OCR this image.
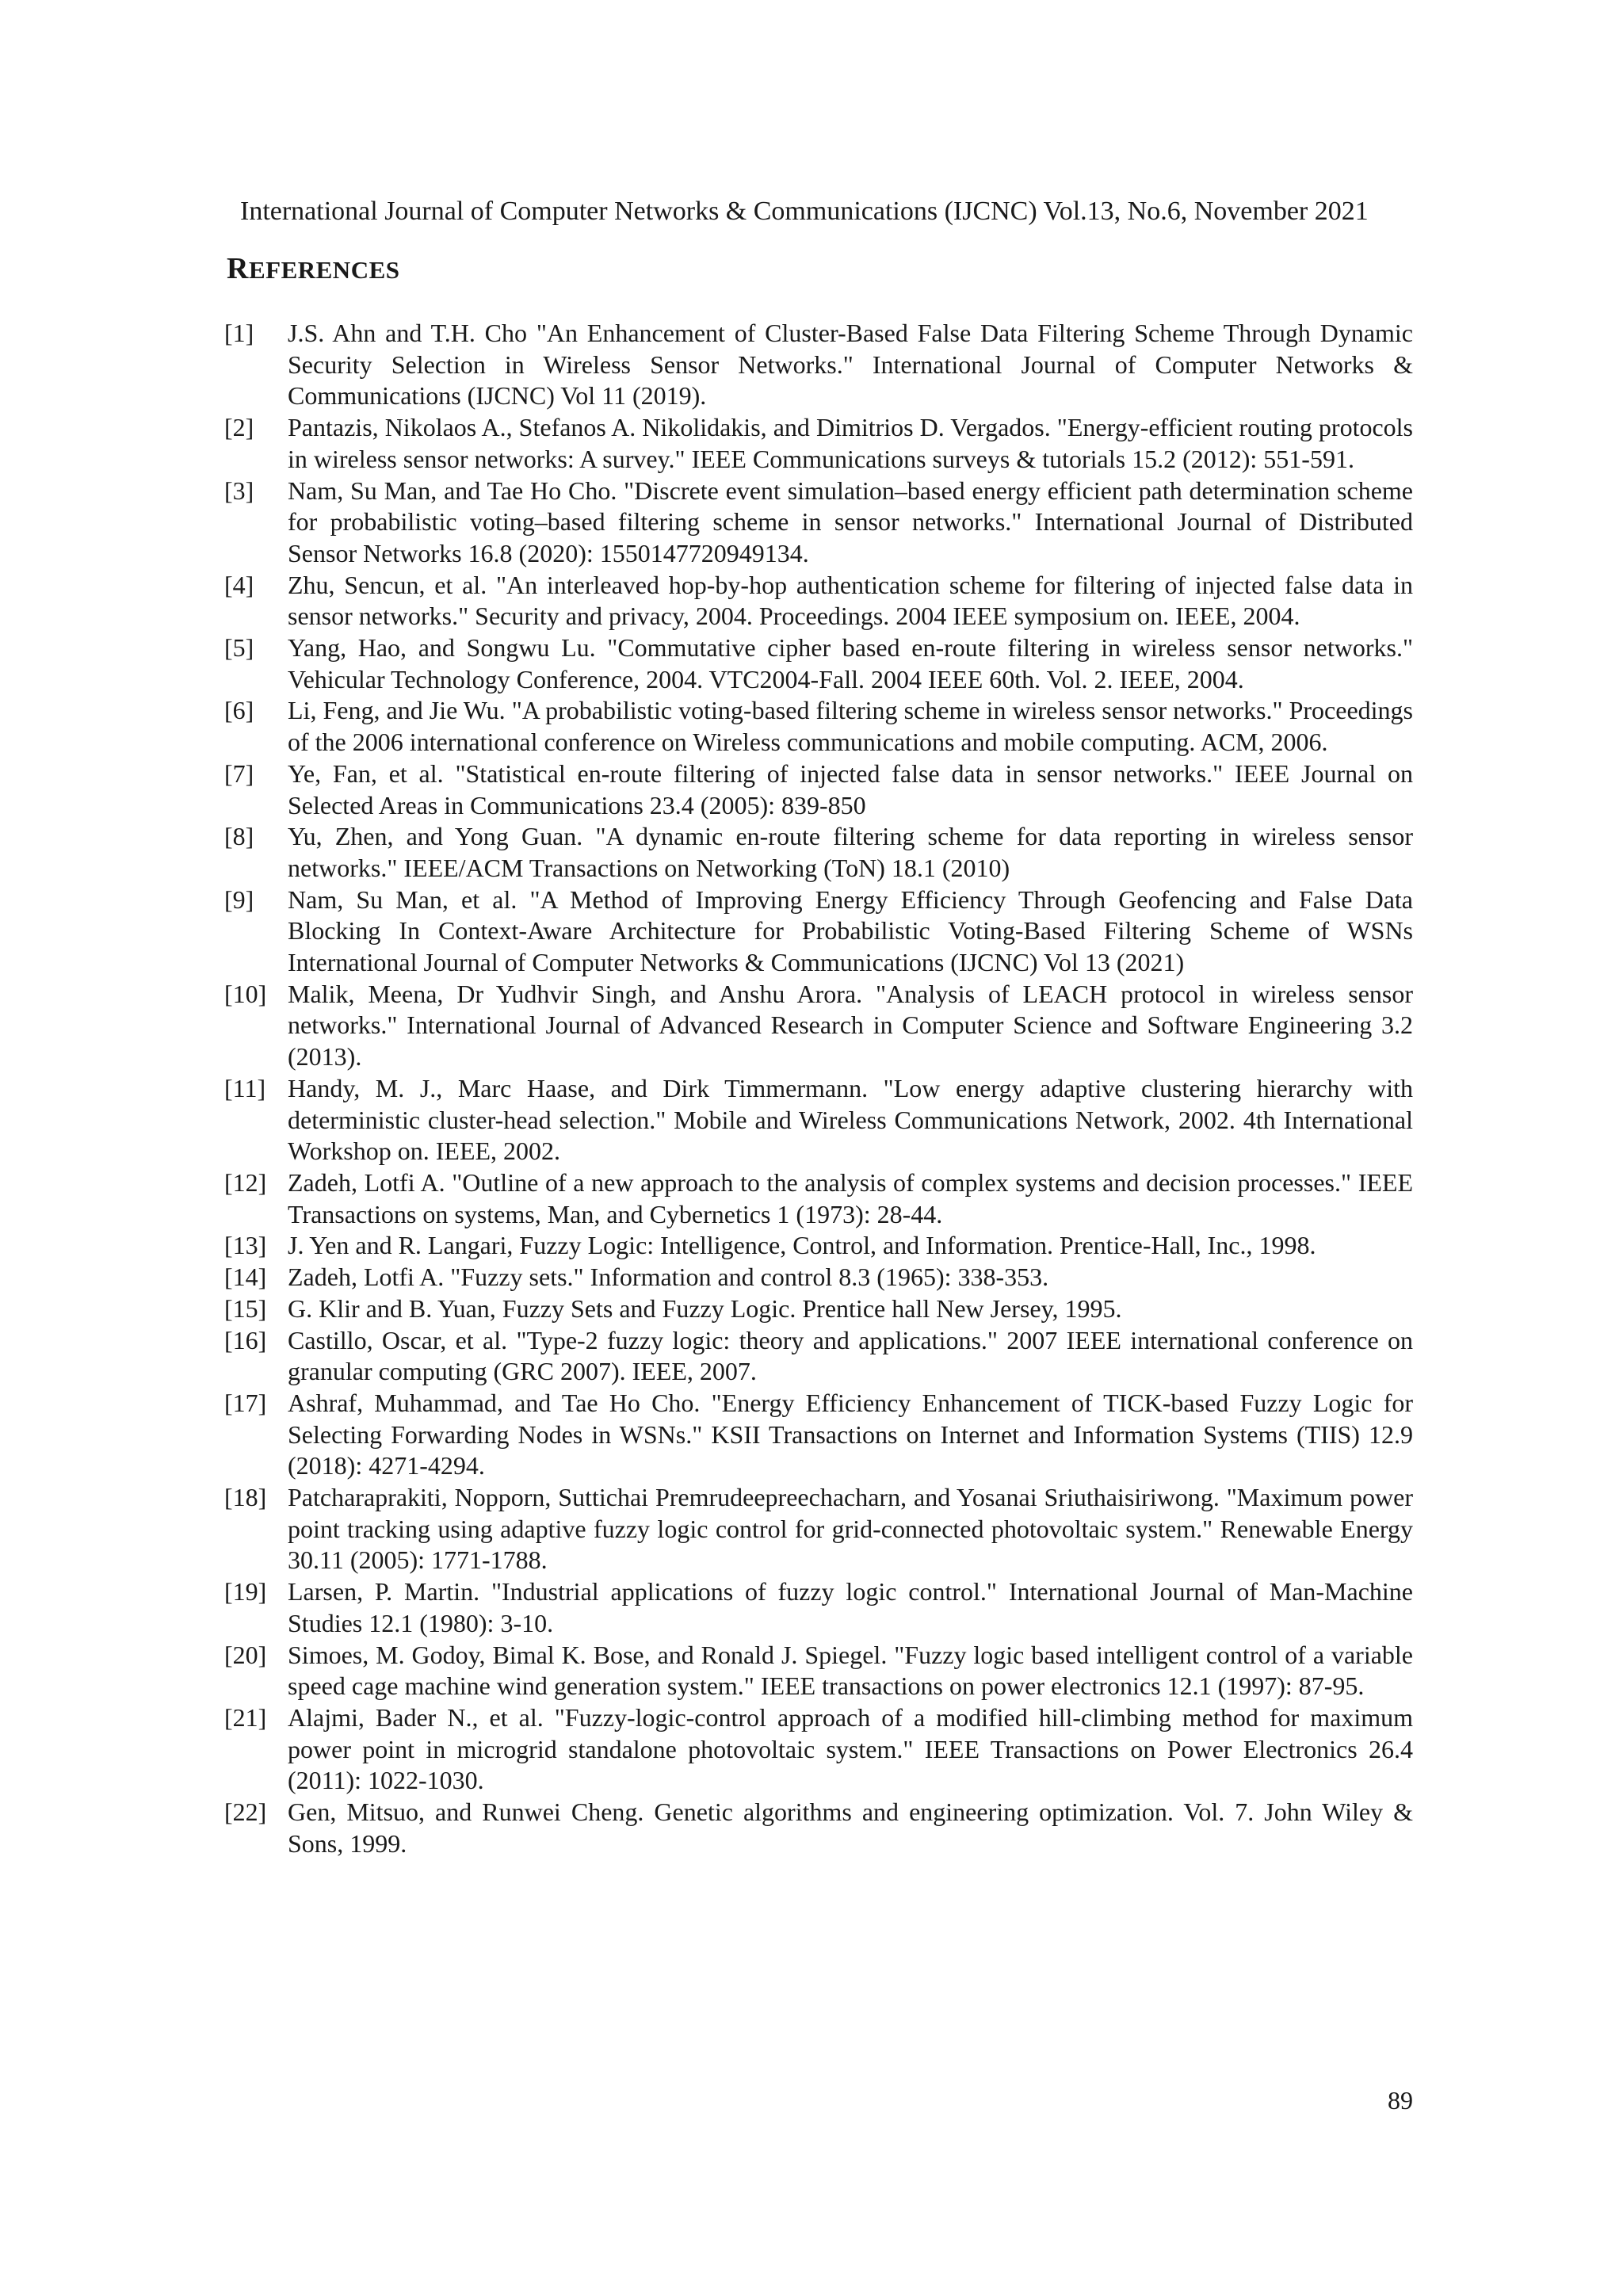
International Journal of Computer Networks & Communications (IJCNC) Vol.13, No.6, November 2021
REFERENCES
[1]	J.S. Ahn and T.H. Cho "An Enhancement of Cluster-Based False Data Filtering Scheme Through Dynamic Security Selection in Wireless Sensor Networks." International Journal of Computer Networks & Communications (IJCNC) Vol 11 (2019).
[2]	Pantazis, Nikolaos A., Stefanos A. Nikolidakis, and Dimitrios D. Vergados. "Energy-efficient routing protocols in wireless sensor networks: A survey." IEEE Communications surveys & tutorials 15.2 (2012): 551-591.
[3]	Nam, Su Man, and Tae Ho Cho. "Discrete event simulation–based energy efficient path determination scheme for probabilistic voting–based filtering scheme in sensor networks." International Journal of Distributed Sensor Networks 16.8 (2020): 1550147720949134.
[4]	Zhu, Sencun, et al. "An interleaved hop-by-hop authentication scheme for filtering of injected false data in sensor networks." Security and privacy, 2004. Proceedings. 2004 IEEE symposium on. IEEE, 2004.
[5]	Yang, Hao, and Songwu Lu. "Commutative cipher based en-route filtering in wireless sensor networks." Vehicular Technology Conference, 2004. VTC2004-Fall. 2004 IEEE 60th. Vol. 2. IEEE, 2004.
[6]	Li, Feng, and Jie Wu. "A probabilistic voting-based filtering scheme in wireless sensor networks." Proceedings of the 2006 international conference on Wireless communications and mobile computing. ACM, 2006.
[7]	Ye, Fan, et al. "Statistical en-route filtering of injected false data in sensor networks." IEEE Journal on Selected Areas in Communications 23.4 (2005): 839-850
[8]	Yu, Zhen, and Yong Guan. "A dynamic en-route filtering scheme for data reporting in wireless sensor networks." IEEE/ACM Transactions on Networking (ToN) 18.1 (2010)
[9]	Nam, Su Man, et al. "A Method of Improving Energy Efficiency Through Geofencing and False Data Blocking In Context-Aware Architecture for Probabilistic Voting-Based Filtering Scheme of WSNs International Journal of Computer Networks & Communications (IJCNC) Vol 13 (2021)
[10] Malik, Meena, Dr Yudhvir Singh, and Anshu Arora. "Analysis of LEACH protocol in wireless sensor networks." International Journal of Advanced Research in Computer Science and Software Engineering 3.2 (2013).
[11] Handy, M. J., Marc Haase, and Dirk Timmermann. "Low energy adaptive clustering hierarchy with deterministic cluster-head selection." Mobile and Wireless Communications Network, 2002. 4th International Workshop on. IEEE, 2002.
[12] Zadeh, Lotfi A. "Outline of a new approach to the analysis of complex systems and decision processes." IEEE Transactions on systems, Man, and Cybernetics 1 (1973): 28-44.
[13] J. Yen and R. Langari, Fuzzy Logic: Intelligence, Control, and Information. Prentice-Hall, Inc., 1998.
[14] Zadeh, Lotfi A. "Fuzzy sets." Information and control 8.3 (1965): 338-353.
[15] G. Klir and B. Yuan, Fuzzy Sets and Fuzzy Logic. Prentice hall New Jersey, 1995.
[16] Castillo, Oscar, et al. "Type-2 fuzzy logic: theory and applications." 2007 IEEE international conference on granular computing (GRC 2007). IEEE, 2007.
[17] Ashraf, Muhammad, and Tae Ho Cho. "Energy Efficiency Enhancement of TICK-based Fuzzy Logic for Selecting Forwarding Nodes in WSNs." KSII Transactions on Internet and Information Systems (TIIS) 12.9 (2018): 4271-4294.
[18] Patcharaprakiti, Nopporn, Suttichai Premrudeepreechacharn, and Yosanai Sriuthaisiriwong. "Maximum power point tracking using adaptive fuzzy logic control for grid-connected photovoltaic system." Renewable Energy 30.11 (2005): 1771-1788.
[19] Larsen, P. Martin. "Industrial applications of fuzzy logic control." International Journal of Man-Machine Studies 12.1 (1980): 3-10.
[20] Simoes, M. Godoy, Bimal K. Bose, and Ronald J. Spiegel. "Fuzzy logic based intelligent control of a variable speed cage machine wind generation system." IEEE transactions on power electronics 12.1 (1997): 87-95.
[21] Alajmi, Bader N., et al. "Fuzzy-logic-control approach of a modified hill-climbing method for maximum power point in microgrid standalone photovoltaic system." IEEE Transactions on Power Electronics 26.4 (2011): 1022-1030.
[22] Gen, Mitsuo, and Runwei Cheng. Genetic algorithms and engineering optimization. Vol. 7. John Wiley & Sons, 1999.
89
